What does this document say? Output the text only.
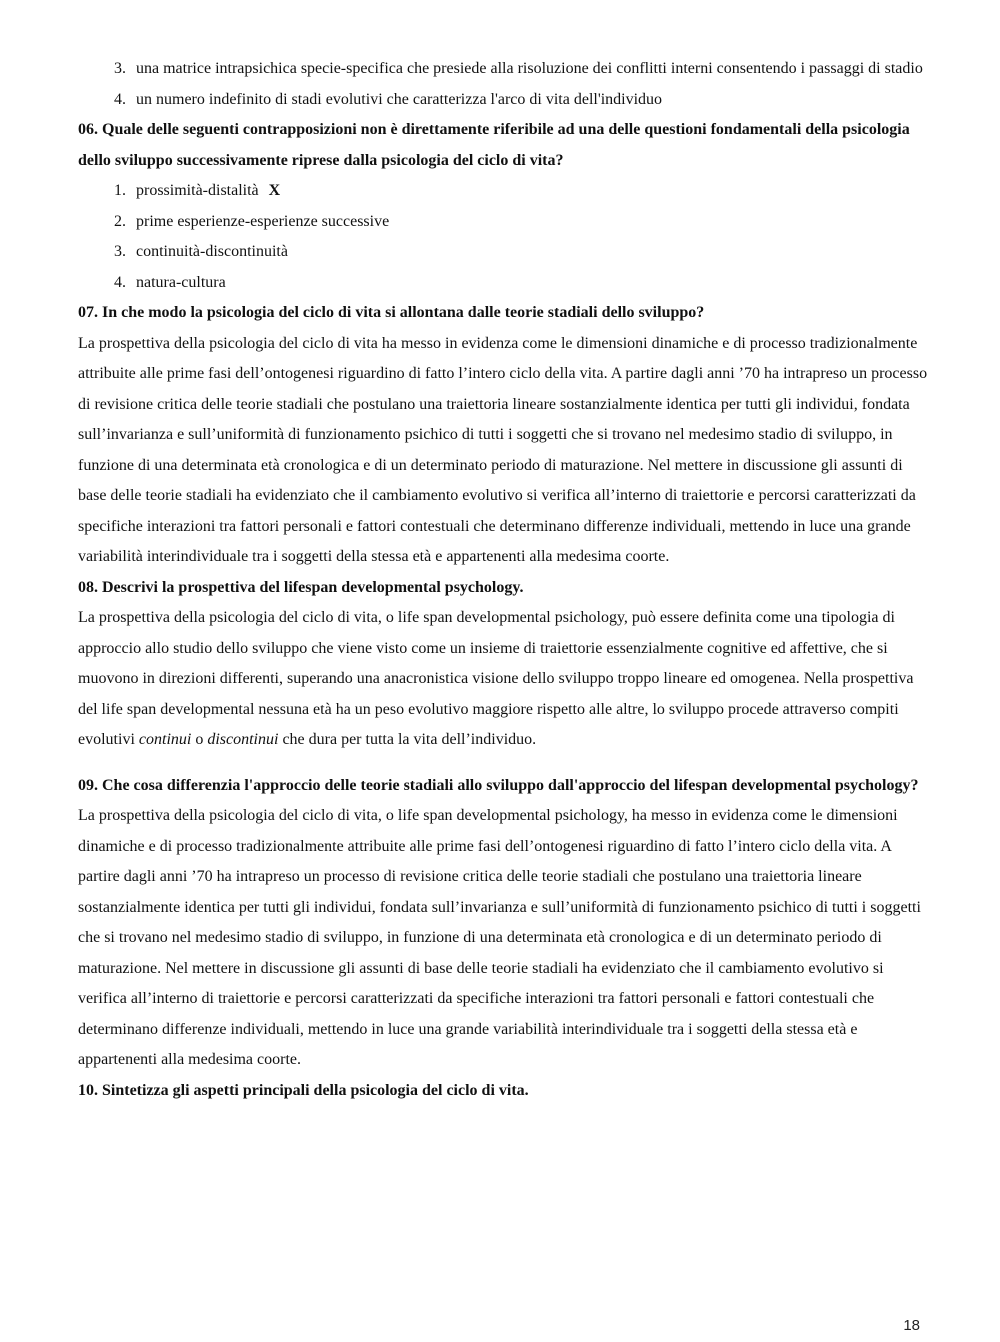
3. una matrice intrapsichica specie-specifica che presiede alla risoluzione dei conflitti interni consentendo i passaggi di stadio
4. un numero indefinito di stadi evolutivi che caratterizza l'arco di vita dell'individuo

06. Quale delle seguenti contrapposizioni non è direttamente riferibile ad una delle questioni fondamentali della psicologia dello sviluppo successivamente riprese dalla psicologia del ciclo di vita?

1. prossimità-distalità X
2. prime esperienze-esperienze successive
3. continuità-discontinuità
4. natura-cultura

07. In che modo la psicologia del ciclo di vita si allontana dalle teorie stadiali dello sviluppo?

La prospettiva della psicologia del ciclo di vita ha messo in evidenza come le dimensioni dinamiche e di processo tradizionalmente attribuite alle prime fasi dell’ontogenesi riguardino di fatto l’intero ciclo della vita. A partire dagli anni ’70 ha intrapreso un processo di revisione critica delle teorie stadiali che postulano una traiettoria lineare sostanzialmente identica per tutti gli individui, fondata sull’invarianza e sull’uniformità di funzionamento psichico di tutti i soggetti che si trovano nel medesimo stadio di sviluppo, in funzione di una determinata età cronologica e di un determinato periodo di maturazione. Nel mettere in discussione gli assunti di base delle teorie stadiali ha evidenziato che il cambiamento evolutivo si verifica all’interno di traiettorie e percorsi caratterizzati da specifiche interazioni tra fattori personali e fattori contestuali che determinano differenze individuali, mettendo in luce una grande variabilità interindividuale tra i soggetti della stessa età e appartenenti alla medesima coorte.

08. Descrivi la prospettiva del lifespan developmental psychology.

La prospettiva della psicologia del ciclo di vita, o life span developmental psichology, può essere definita come una tipologia di approccio allo studio dello sviluppo che viene visto come un insieme di traiettorie essenzialmente cognitive ed affettive, che si muovono in direzioni differenti, superando una anacronistica visione dello sviluppo troppo lineare ed omogenea. Nella prospettiva del life span developmental nessuna età ha un peso evolutivo maggiore rispetto alle altre, lo sviluppo procede attraverso compiti evolutivi continui o discontinui che dura per tutta la vita dell’individuo.

09. Che cosa differenzia l'approccio delle teorie stadiali allo sviluppo dall'approccio del lifespan developmental psychology?

La prospettiva della psicologia del ciclo di vita, o life span developmental psichology, ha messo in evidenza come le dimensioni dinamiche e di processo tradizionalmente attribuite alle prime fasi dell’ontogenesi riguardino di fatto l’intero ciclo della vita. A partire dagli anni ’70 ha intrapreso un processo di revisione critica delle teorie stadiali che postulano una traiettoria lineare sostanzialmente identica per tutti gli individui, fondata sull’invarianza e sull’uniformità di funzionamento psichico di tutti i soggetti che si trovano nel medesimo stadio di sviluppo, in funzione di una determinata età cronologica e di un determinato periodo di maturazione. Nel mettere in discussione gli assunti di base delle teorie stadiali ha evidenziato che il cambiamento evolutivo si verifica all’interno di traiettorie e percorsi caratterizzati da specifiche interazioni tra fattori personali e fattori contestuali che determinano differenze individuali, mettendo in luce una grande variabilità interindividuale tra i soggetti della stessa età e appartenenti alla medesima coorte.

10. Sintetizza gli aspetti principali della psicologia del ciclo di vita.

18
